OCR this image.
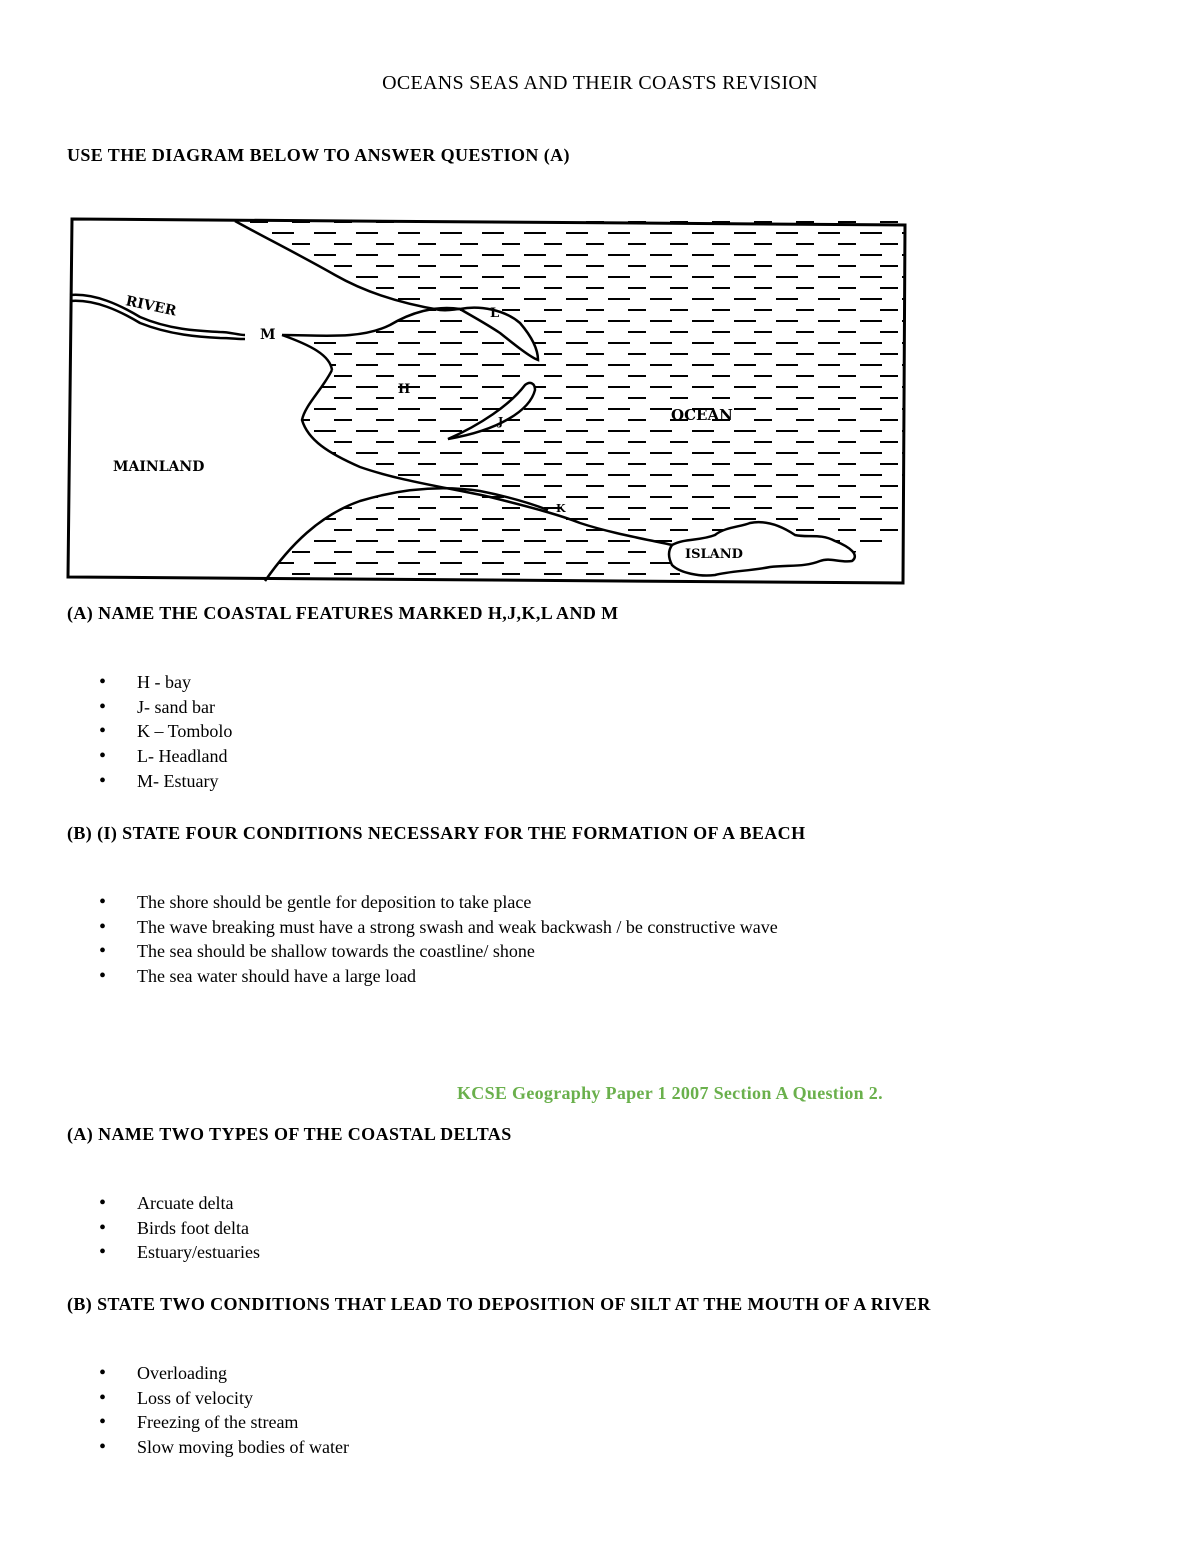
OCEANS SEAS AND THEIR COASTS REVISION
USE THE DIAGRAM BELOW TO ANSWER QUESTION (A)
RIVER
M
L
H
J	OCEAN
MAINLAND
K
ISLAND
(A) NAME THE COASTAL FEATURES MARKED H,J,K,L AND M
• H - bay
• J- sand bar
• K – Tombolo
• L- Headland
• M- Estuary
(B) (I) STATE FOUR CONDITIONS NECESSARY FOR THE FORMATION OF A BEACH
• The shore should be gentle for deposition to take place
• The wave breaking must have a strong swash and weak backwash / be constructive wave
• The sea should be shallow towards the coastline/ shone
• The sea water should have a large load
KCSE Geography Paper 1 2007 Section A Question 2.
(A) NAME TWO TYPES OF THE COASTAL DELTAS
• Arcuate delta
• Birds foot delta
• Estuary/estuaries
(B) STATE TWO CONDITIONS THAT LEAD TO DEPOSITION OF SILT AT THE MOUTH OF A RIVER
• Overloading
• Loss of velocity
• Freezing of the stream
• Slow moving bodies of water
